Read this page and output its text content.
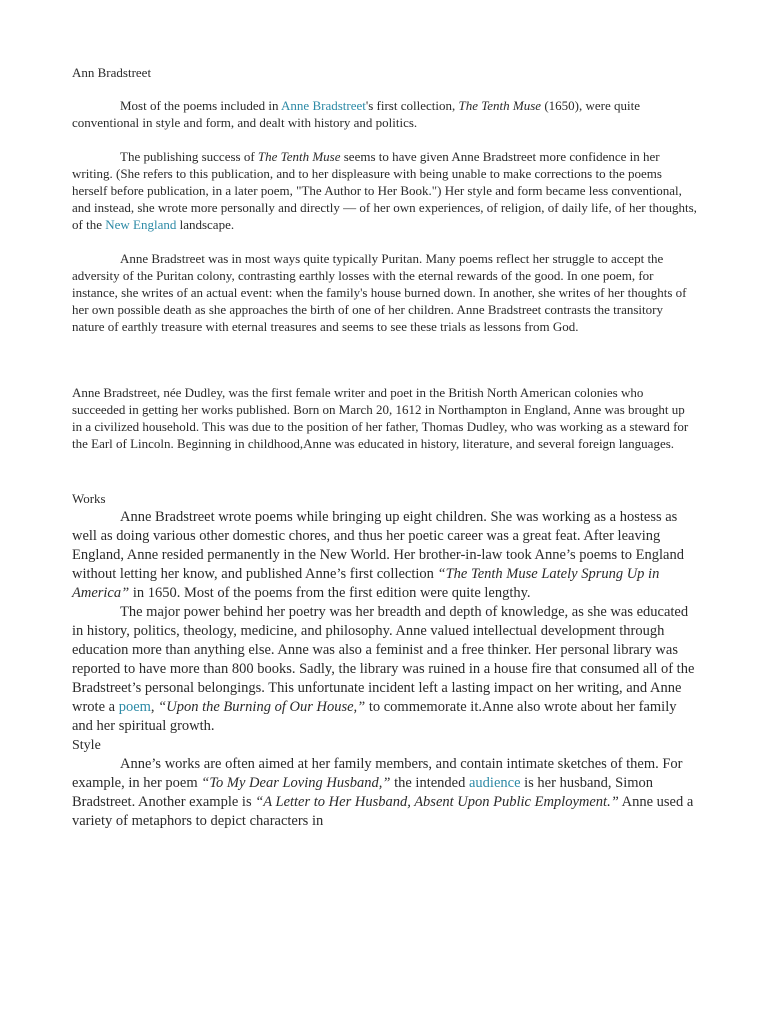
Ann Bradstreet

Most of the poems included in Anne Bradstreet's first collection, The Tenth Muse (1650), were quite conventional in style and form, and dealt with history and politics.

The publishing success of The Tenth Muse seems to have given Anne Bradstreet more confidence in her writing. (She refers to this publication, and to her displeasure with being unable to make corrections to the poems herself before publication, in a later poem, "The Author to Her Book.") Her style and form became less conventional, and instead, she wrote more personally and directly — of her own experiences, of religion, of daily life, of her thoughts, of the New England landscape.

Anne Bradstreet was in most ways quite typically Puritan. Many poems reflect her struggle to accept the adversity of the Puritan colony, contrasting earthly losses with the eternal rewards of the good. In one poem, for instance, she writes of an actual event: when the family's house burned down. In another, she writes of her thoughts of her own possible death as she approaches the birth of one of her children. Anne Bradstreet contrasts the transitory nature of earthly treasure with eternal treasures and seems to see these trials as lessons from God.

Anne Bradstreet, née Dudley, was the first female writer and poet in the British North American colonies who succeeded in getting her works published. Born on March 20, 1612 in Northampton in England, Anne was brought up in a civilized household. This was due to the position of her father, Thomas Dudley, who was working as a steward for the Earl of Lincoln. Beginning in childhood,Anne was educated in history, literature, and several foreign languages.

Works

Anne Bradstreet wrote poems while bringing up eight children. She was working as a hostess as well as doing various other domestic chores, and thus her poetic career was a great feat. After leaving England, Anne resided permanently in the New World. Her brother-in-law took Anne’s poems to England without letting her know, and published Anne’s first collection “The Tenth Muse Lately Sprung Up in America” in 1650. Most of the poems from the first edition were quite lengthy.

The major power behind her poetry was her breadth and depth of knowledge, as she was educated in history, politics, theology, medicine, and philosophy. Anne valued intellectual development through education more than anything else. Anne was also a feminist and a free thinker. Her personal library was reported to have more than 800 books. Sadly, the library was ruined in a house fire that consumed all of the Bradstreet’s personal belongings. This unfortunate incident left a lasting impact on her writing, and Anne wrote a poem, “Upon the Burning of Our House,” to commemorate it.Anne also wrote about her family and her spiritual growth.

Style

Anne’s works are often aimed at her family members, and contain intimate sketches of them. For example, in her poem “To My Dear Loving Husband,” the intended audience is her husband, Simon Bradstreet. Another example is “A Letter to Her Husband, Absent Upon Public Employment.” Anne used a variety of metaphors to depict characters in
